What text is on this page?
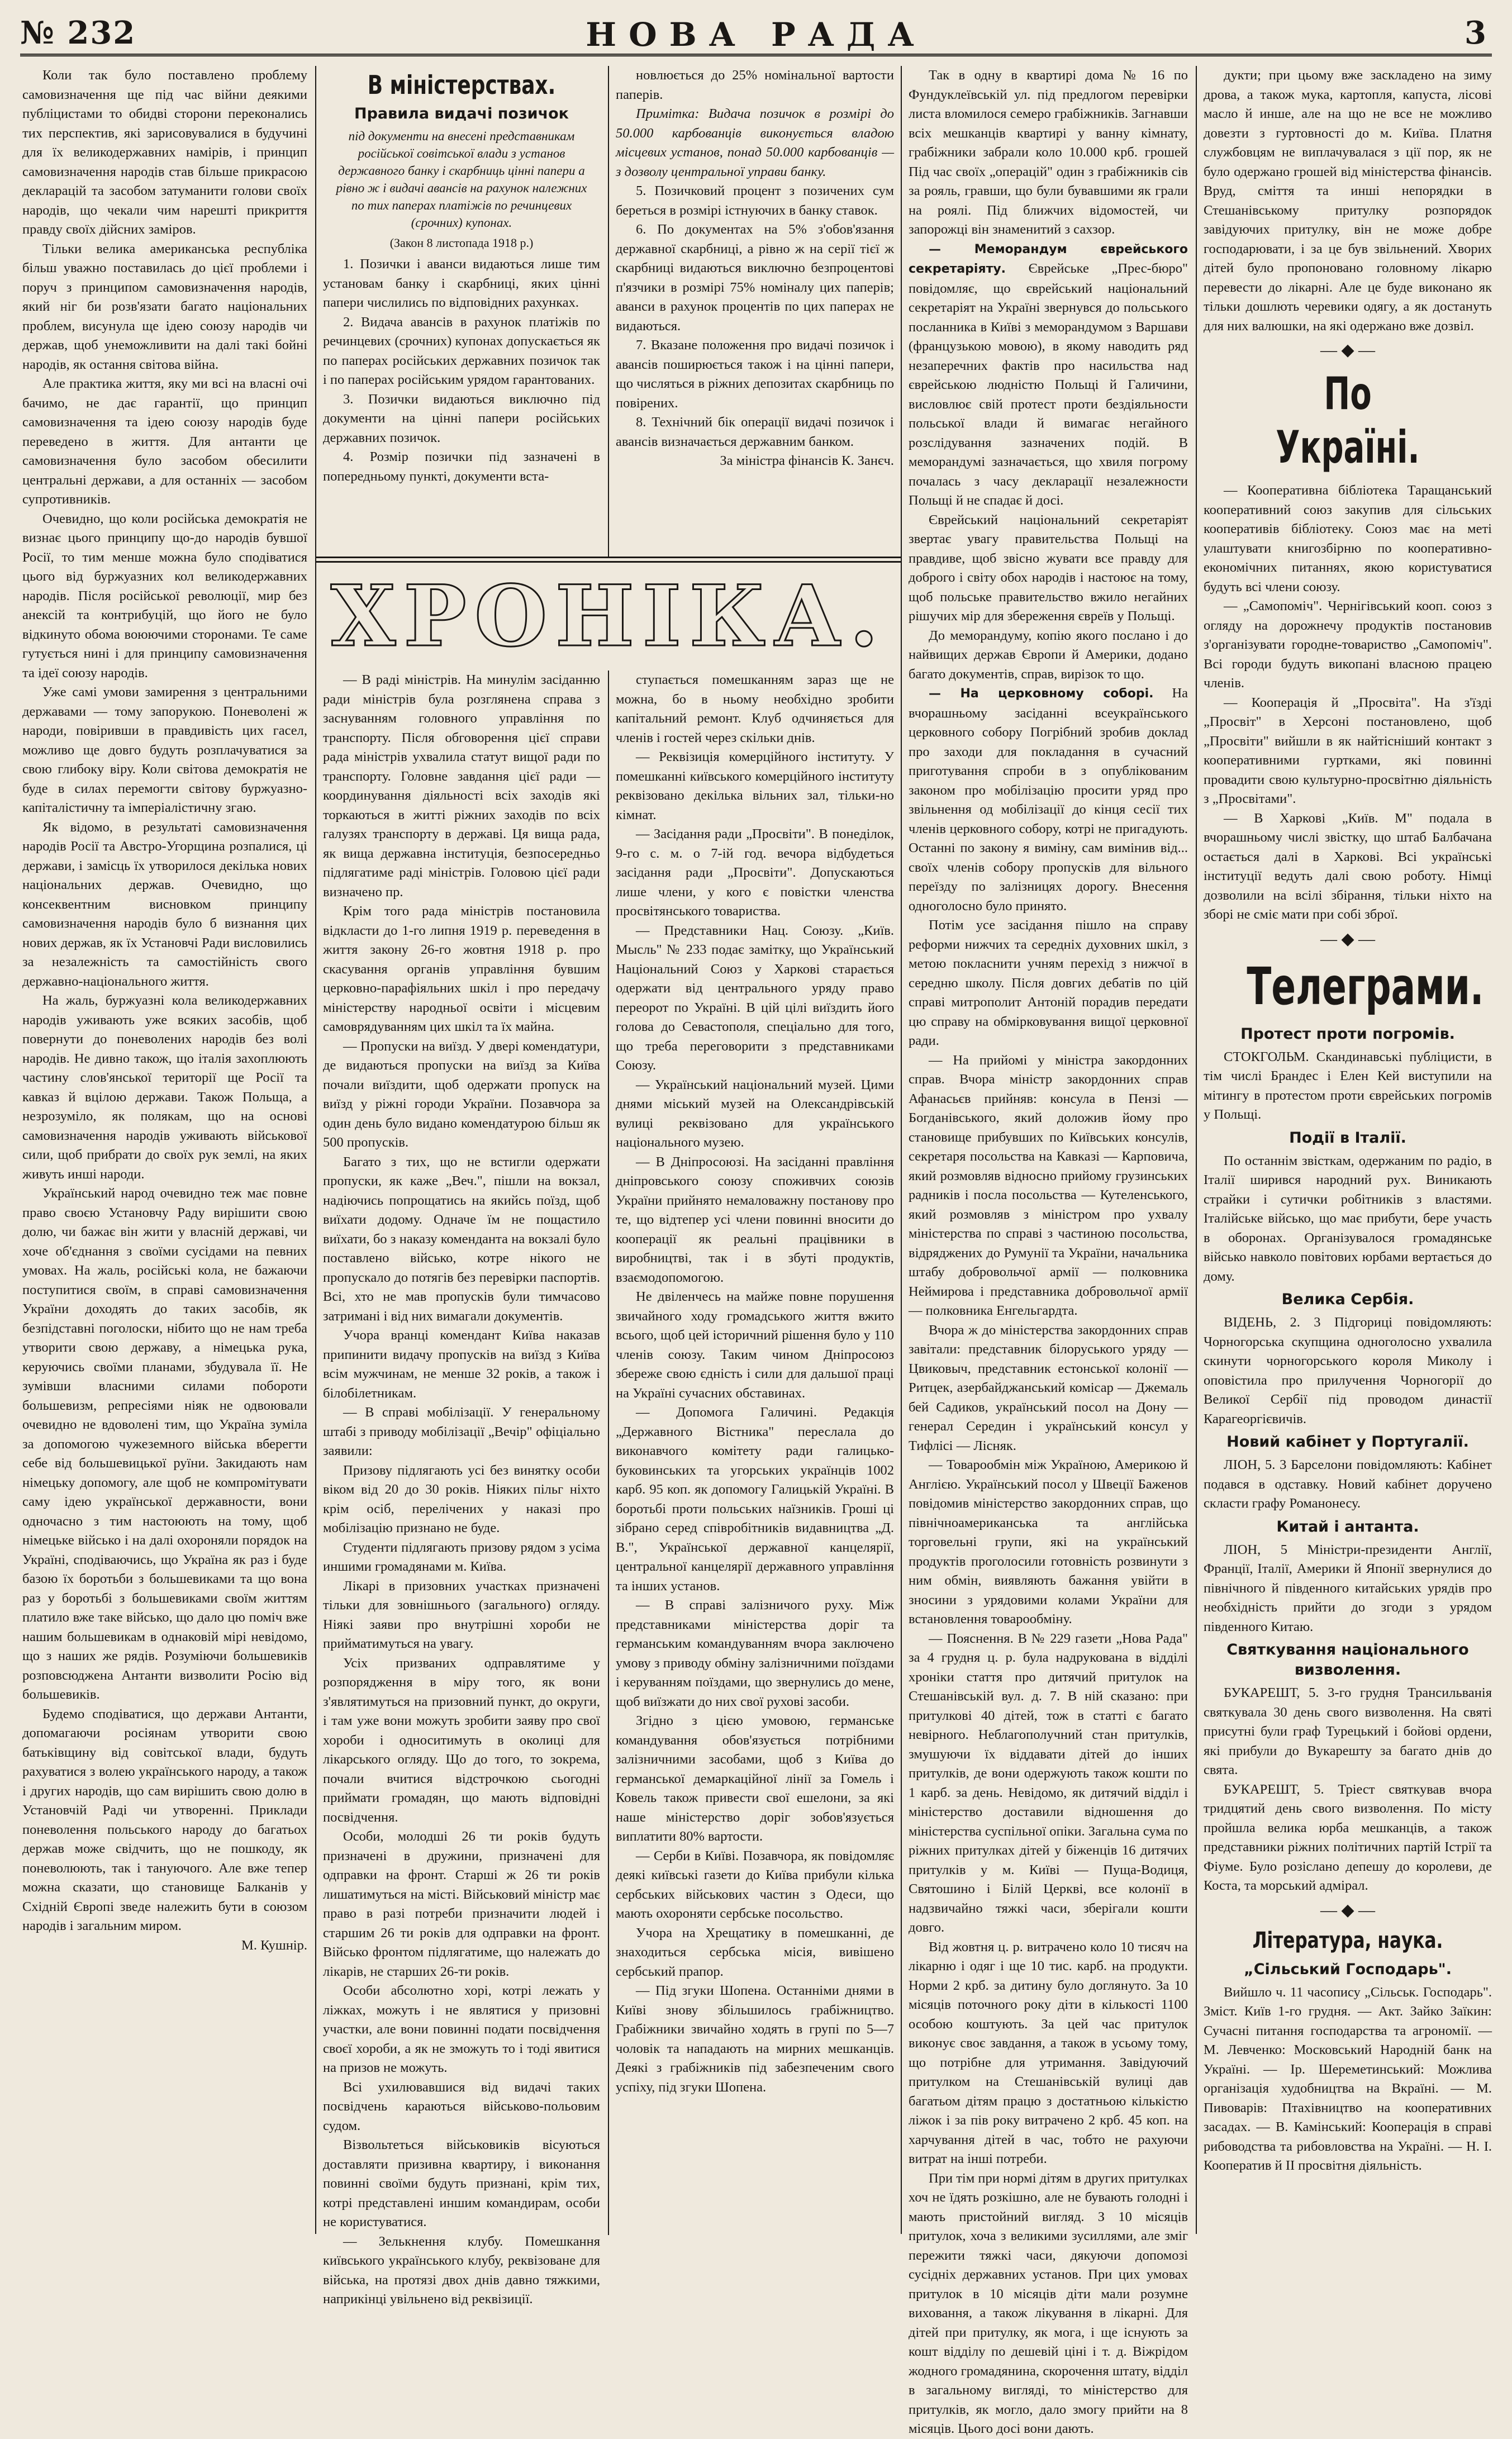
№ 232	НОВА РАДА	3

Коли так було поставлено проблему самовизначення ще під час війни деякими публіцистами то обидві сторони переконались тих перспектив, які зарисовувалися в будучині для їх великодержавних намірів, і принцип самовизначення народів став більше прикрасою декларацій та засобом затуманити голови своїх народів, що чекали чим нарешті прикриття правду своїх дійсних заміров.

Тільки велика американська республіка більш уважно поставилась до цієї проблеми і поруч з принципом самовизначення народів, який ніг би розв'язати багато національних проблем, висунула ще ідею союзу народів чи держав, щоб унеможливити на далі такі бойні народів, як остання світова війна.

Але практика життя, яку ми всі на власні очі бачимо, не дає гарантії, що принцип самовизначення та ідею союзу народів буде переведено в життя. Для антанти це самовизначення було засобом обесилити центральні держави, а для останніх — засобом супротивників.

Очевидно, що коли російська демократія не визнає цього принципу що-до народів бувшої Росії, то тим менше можна було сподіватися цього від буржуазних кол великодержавних народів. Після російської революції, мир без анексій та контрибуцій, що його не було відкинуто обома воюючими сторонами. Те саме гутується нині і для принципу самовизначення та ідеї союзу народів.

Уже самі умови замирення з центральними державами — тому запорукою. Поневолені ж народи, повіривши в правдивість цих гасел, можливо ще довго будуть розплачуватися за свою глибоку віру. Коли світова демократія не буде в силах перемогти світову буржуазно-капіталістичну та імперіалістичну згаю.

Як відомо, в результаті самовизначення народів Росії та Австро-Угорщина розпалися, ці держави, і замісць їх утворилося декілька нових національних держав. Очевидно, що консеквентним висновком принципу самовизначення народів було б визнання цих нових держав, як їх Установчі Ради висловились за незалежність та самостійність свого державно-національного життя.

На жаль, буржуазні кола великодержавних народів уживають уже всяких засобів, щоб повернути до поневолених народів без волі народів. Не дивно також, що італія захоплюють частину слов'янської території ще Росії та кавказ й вцілою держави. Також Польща, а незрозуміло, як полякам, що на основі самовизначення народів уживають військової сили, щоб прибрати до своїх рук землі, на яких живуть инші народи.

Український народ очевидно теж має повне право своєю Установчу Раду вирішити свою долю, чи бажає він жити у власній державі, чи хоче об'єднання з своїми сусідами на певних умовах. На жаль, російські кола, не бажаючи поступитися своїм, в справі самовизначення України доходять до таких засобів, як безпідставні поголоски, нібито що не нам треба утворити свою державу, а німецька рука, керуючись своїми планами, збудувала її. Не зумівши власними силами побороти большевизм, репресіями ніяк не одвоювали очевидно не вдоволені тим, що Україна зуміла за допомогою чужеземного війська вберегти себе від большевицької руїни. Закидають нам німецьку допомогу, але щоб не компромітувати саму ідею української державности, вони одночасно з тим настоюють на тому, щоб німецьке військо і на далі охороняли порядок на Україні, сподіваючись, що Україна як раз і буде базою їх боротьби з большевиками та що вона раз у боротьбі з большевиками своїм життям платило вже таке військо, що дало цю поміч вже нашим большевикам в однаковій мірі невідомо, що з наших же рядів. Розуміючи большевиків розповсюджена Антанти визволити Росію від большевиків.

Будемо сподіватися, що держави Антанти, допомагаючи росіянам утворити свою батьківщину від совітської влади, будуть рахуватися з волею українського народу, а також і других народів, що сам вирішить свою долю в Установчій Раді чи утворенні. Приклади поневолення польського народу до багатьох держав може свідчить, що не пошкоду, як поневолюють, так і тануючого. Але вже тепер можна сказати, що становище Балканів у Східній Європі зведе належить бути в союзом народів і загальним миром.

М. Кушнір.

В міністерствах.
Правила видачі позичок
під документи на внесені представникам російської совітської влади з установ державного банку і скарбниць цінні папери а рівно ж і видачі авансів на рахунок належних по тих паперах платіжів по речинцевих (срочних) купонах.
(Закон 8 листопада 1918 р.)

1. Позички і аванси видаються лише тим установам банку і скарбниці, яких цінні папери числились по відповідних рахунках.

2. Видача авансів в рахунок платіжів по речинцевих (срочних) купонах допускається як по паперах російських державних позичок так і по паперах російським урядом гарантованих.

3. Позички видаються виключно під документи на цінні папери російських державних позичок.

4. Розмір позички під зазначені в попередньому пункті, документи вста-

новлюється до 25% номінальної вартости паперів.

Примітка: Видача позичок в розмірі до 50.000 карбованців виконується владою місцевих установ, понад 50.000 карбованців — з дозволу центральної управи банку.

5. Позичковий процент з позичених сум береться в розмірі істнуючих в банку ставок.

6. По документах на 5% з'обов'язання державної скарбниці, а рівно ж на серії тієї ж скарбниці видаються виключно безпроцентові п'язчики в розмірі 75% номіналу цих паперів; аванси в рахунок процентів по цих паперах не видаються.

7. Вказане положення про видачі позичок і авансів поширюється також і на цінні папери, що числяться в ріжних депозитах скарбниць по повірених.

8. Технічний бік операції видачі позичок і авансів визначається державним банком.

За міністра фінансів К. Занєч.

ХРОНІКА.

— В раді міністрів. На минулім засіданню ради міністрів була розглянена справа з заснуванням головного управління по транспорту. Після обговорення цієї справи рада міністрів ухвалила статут вищої ради по транспорту. Головне завдання цієї ради — координування діяльності всіх заходів які торкаються в житті ріжних заходів по всіх галузях транспорту в державі. Ця вища рада, як вища державна інституція, безпосередньо підлягатиме раді міністрів. Головою цієї ради визначено пр.

Крім того рада міністрів постановила відкласти до 1-го липня 1919 р. переведення в життя закону 26-го жовтня 1918 р. про скасування органів управління бувшим церковно-парафіяльних шкіл і про передачу міністерству народньої освіти і місцевим самоврядуванням цих шкіл та їх майна.

— Пропуски на виїзд. У двері комендатури, де видаються пропуски на виїзд за Київа почали виїздити, щоб одержати пропуск на виїзд у ріжні городи України. Позавчора за один день було видано комендатурою більш як 500 пропусків.

Багато з тих, що не встигли одержати пропуски, як каже „Веч.", пішли на вокзал, надіючись попрощатись на якийсь поїзд, щоб виїхати додому. Одначе їм не пощастило виїхати, бо з наказу коменданта на вокзалі було поставлено військо, котре нікого не пропускало до потягів без перевірки паспортів. Всі, хто не мав пропусків були тимчасово затримані і від них вимагали документів.

Учора вранці комендант Київа наказав припинити видачу пропусків на виїзд з Київа всім мужчинам, не менше 32 років, а також і білобілетникам.

— В справі мобілізації. У генеральному штабі з приводу мобілізації „Вечір" офіціально заявили:

Призову підлягають усі без винятку особи віком від 20 до 30 років. Ніяких пільг ніхто крім осіб, перелічених у наказі про мобілізацію признано не буде.

Студенти підлягають призову рядом з усіма иншими громадянами м. Київа.

Лікарі в призовних участках призначені тільки для зовнішнього (загального) огляду. Ніякі заяви про внутрішні хороби не прийматимуться на увагу.

Усіх призваних одправлятиме у розпорядження в міру того, як вони з'являтимуться на призовний пункт, до округи, і там уже вони можуть зробити заяву про свої хороби і односитимуть в околиці для лікарського огляду. Що до того, то зокрема, почали вчитися відстрочкою сьогодні приймати громадян, що мають відповідні посвідчення.

Особи, молодші 26 ти років будуть призначені в дружини, призначені для одправки на фронт. Старші ж 26 ти років лишатимуться на місті. Військовий міністр має право в разі потреби призначити людей і старшим 26 ти років для одправки на фронт. Військо фронтом підлягатиме, що належать до лікарів, не старших 26-ти років.

Особи абсолютно хорі, котрі лежать у ліжках, можуть і не являтися у призовні участки, але вони повинні подати посвідчення своєї хороби, а як не зможуть то і тоді явитися на призов не можуть.

Всі ухилювавшися від видачі таких посвідчень караються військово-польовим судом.

Візвольтеться військовиків вісуються доставляти призивна квартиру, і виконання повинні своїми будуть признані, крім тих, котрі представлені иншим командирам, особи не користуватися.

— Зелькнення клубу. Помешкання київського українського клубу, реквізоване для війська, на протязі двох днів давно тяжкими, наприкінці увільнено від реквізиції.

ступається помешканням зараз ще не можна, бо в ньому необхідно зробити капітальний ремонт. Клуб одчиняється для членів і гостей через скільки днів.

— Реквізиція комерційного інституту. У помешканні київського комерційного інституту реквізовано декілька вільних зал, тільки-но кімнат.

— Засідання ради „Просвіти". В понеділок, 9-го с. м. о 7-ій год. вечора відбудеться засідання ради „Просвіти". Допускаються лише члени, у кого є повістки членства просвітянського товариства.

— Представники Нац. Союзу. „Київ. Мысль" № 233 подає замітку, що Український Національний Союз у Харкові старається одержати від центрального уряду право переорот по Україні. В цій цілі виїздить його голова до Севастополя, спеціально для того, що треба переговорити з представниками Союзу.

— Український національний музей. Цими днями міський музей на Олександрівській вулиці реквізовано для українського національного музею.

— В Дніпросоюзі. На засіданні правління дніпровського союзу споживчих союзів України прийнято немаловажну постанову про те, що відтепер усі члени повинні вносити до кооперації як реальні працівники в виробництві, так і в збуті продуктів, взаємодопомогою.

Не двіленчесь на майже повне порушення звичайного ходу громадського життя вжито всього, щоб цей історичний рішення було у 110 членів союзу. Таким чином Дніпросоюз збереже свою єдність і сили для дальшої праці на Україні сучасних обставинах.

— Допомога Галичині. Редакція „Державного Вістника" переслала до виконавчого комітету ради галицько-буковинських та угорських українців 1002 карб. 95 коп. як допомогу Галицькій Україні. В боротьбі проти польських наїзників. Гроші ці зібрано серед співробітників видавництва „Д. В.", Української державної канцелярії, центральної канцелярії державного управління та інших установ.

— В справі залізничого руху. Між представниками міністерства доріг та германським командуванням вчора заключено умову з приводу обміну залізничними поїздами і керуванням поїздами, що звернулись до мене, щоб виїзжати до них свої рухові засоби.

Згідно з цією умовою, германське командування обов'язується потрібними залізничними засобами, щоб з Київа до германської демаркаційної лінії за Гомель і Ковель також привести свої ешелони, за які наше міністерство доріг зобов'язується виплатити 80% вартости.

— Серби в Київі. Позавчора, як повідомляє деякі київські газети до Київа прибули кілька сербських військових частин з Одеси, що мають охороняти сербське посольство.

Учора на Хрещатику в помешканні, де знаходиться сербська місія, вивішено сербський прапор.

— Під згуки Шопена. Останніми днями в Київі знову збільшилось грабіжництво. Грабіжники звичайно ходять в групі по 5—7 чоловік та нападають на мирних мешканців. Деякі з грабіжників під забезпеченим свого успіху, під згуки Шопена.

Так в одну в квартирі дома № 16 по Фундуклеївській ул. під предлогом перевірки листа вломилося семеро грабіжників. Загнавши всіх мешканців квартирі у ванну кімнату, грабіжники забрали коло 10.000 крб. грошей Під час своїх „операцій" один з грабіжників сів за рояль, гравши, що були бувавшими як грали на роялі. Під ближчих відомостей, чи запорожці він знаменитий з сахзор.

— Меморандум єврейського секретаріяту. Єврейське „Прес-бюро" повідомляє, що єврейський національний секретаріят на Україні звернувся до польського посланника в Київі з меморандумом з Варшави (французькою мовою), в якому наводить ряд незаперечних фактів про насильства над єврейською людністю Польщі й Галичини, висловлює свій протест проти бездіяльности польської влади й вимагає негайного розслідування зазначених подій. В меморандумі зазначається, що хвиля погрому почалась з часу декларації незалежности Польщі й не спадає й досі.

Єврейський національний секретаріят звертає увагу правительства Польщі на правдиве, щоб звісно жувати все правду для доброго і світу обох народів і настоює на тому, щоб польське правительство вжило негайних рішучих мір для збереження євреїв у Польщі.

До меморандуму, копію якого послано і до найвищих держав Європи й Америки, додано багато документів, справ, вирізок то що.

— На церковному соборі. На вчорашньому засіданні всеукраїнського церковного собору Погрібний зробив доклад про заходи для покладання в сучасний приготування спроби в з опублікованим законом про мобілізацію просити уряд про звільнення од мобілізації до кінця сесії тих членів церковного собору, котрі не пригадують. Останні по закону я виміну, сам вимінив від... своїх членів собору пропусків для вільного переїзду по залізницях дорогу. Внесення одноголосно було принято.

Потім усе засідання пішло на справу реформи нижчих та середніх духовних шкіл, з метою покласнити учням перехід з нижчої в середню школу. Після довгих дебатів по цій справі митрополит Антоній порадив передати цю справу на обмірковування вищої церковної ради.

— На прийомі у міністра закордонних справ. Вчора міністр закордонних справ Афанасьєв прийняв: консула в Пензі — Богданівського, який доложив йому про становище прибувших по Київських консулів, секретаря посольства на Кавказі — Карповича, який розмовляв відносно прийому грузинських радників і посла посольства — Кутеленського, який розмовляв з міністром про ухвалу міністерства по справі з частиною посольства, відряджених до Румунії та України, начальника штабу добровольчої армії — полковника Неймирова і представника добровольчої армії — полковника Енгельгардта.

Вчора ж до міністерства закордонних справ завітали: представник білоруського уряду — Цвиковыч, представник естонської колонії — Ритцек, азербайджанський комісар — Джемаль бей Садиков, український посол на Дону — генерал Середин і український консул у Тифлісі — Лісняк.

— Товарообмін між Україною, Америкою й Англією. Український посол у Швеції Баженов повідомив міністерство закордонних справ, що північноамериканська та англійська торговельні групи, які на український продуктів проголосили готовність розвинути з ним обмін, виявляють бажання увійти в зносини з урядовими колами України для встановлення товарообміну.

— Пояснення. В № 229 газети „Нова Рада" за 4 грудня ц. р. була надрукована в відділі хроніки стаття про дитячий притулок на Стешанівській вул. д. 7. В ній сказано: при притулкові 40 дітей, тож в статті є багато невірного. Неблагополучний стан притулків, змушуючи їх віддавати дітей до інших притулків, де вони одержують також кошти по 1 карб. за день. Невідомо, як дитячий відділ і міністерство доставили відношення до міністерства суспільної опіки. Загальна сума по ріжних притулках дітей у біженців 16 дитячих притулків у м. Київі — Пуща-Водиця, Святошино і Білій Церкві, все колонії в надзвичайно тяжкі часи, зберігали кошти довго.

Від жовтня ц. р. витрачено коло 10 тисяч на лікарню і одяг і ще 10 тис. карб. на продукти. Норми 2 крб. за дитину було доглянуто. За 10 місяців поточного року діти в кількості 1100 особою коштують. За цей час притулок виконує своє завдання, а також в усьому тому, що потрібне для утримання. Завідуючий притулком на Стешанівській вулиці дав багатьом дітям працю з достатньою кількістю ліжок і за пів року витрачено 2 крб. 45 коп. на харчування дітей в час, тобто не рахуючи витрат на інші потреби.

При тім при нормі дітям в других притулках хоч не їдять розкішно, але не бувають голодні і мають пристойний вигляд. З 10 місяців притулок, хоча з великими зусиллями, але зміг пережити тяжкі часи, дякуючи допомозі сусідніх державних установ. При цих умовах притулок в 10 місяців діти мали розумне виховання, а також лікування в лікарні. Для дітей при притулку, як мога, і ще існують за кошт відділу по дешевій ціні і т. д. Віжрідом жодного громадянина, скорочення штату, відділ в загальному вигляді, то міністерство для притулків, як могло, дало змогу прийти на 8 місяців. Цього досі вони дають.

дукти; при цьому вже заскладено на зиму дрова, а також мука, картопля, капуста, лісові масло й инше, але на що не все не можливо довезти з гуртовності до м. Київа. Платня службовцям не виплачувалася з ції пор, як не було одержано грошей від міністерства фінансів. Вруд, сміття та инші непорядки в Стешанівському притулку розпорядок завідуючих притулку, він не може добре господарювати, і за це був звільнений. Хворих дітей було пропоновано головному лікарю перевести до лікарні. Але це буде виконано як тільки дошлють черевики одягу, а як достануть для них валюшки, на які одержано вже дозвіл.

— ◆ —
По Україні.

— Кооперативна бібліотека Таращанський кооперативний союз закупив для сільських кооперативів бібліотеку. Союз має на меті улаштувати книгозбірню по кооперативно-економічних питаннях, якою користуватися будуть всі члени союзу.

— „Самопоміч". Чернігівський кооп. союз з огляду на дорожнечу продуктів постановив з'організувати городне-товариство „Самопоміч". Всі городи будуть викопані власною працею членів.

— Кооперація й „Просвіта". На з'їзді „Просвіт" в Херсоні постановлено, щоб „Просвіти" вийшли в як найтісніший контакт з кооперативними гуртками, які повинні провадити свою культурно-просвітню діяльність з „Просвітами".

— В Харкові „Київ. М" подала в вчорашньому числі звістку, що штаб Балбачана остається далі в Харкові. Всі українські інституції ведуть далі свою роботу. Німці дозволили на всілі збірання, тільки ніхто на зборі не сміє мати при собі зброї.

— ◆ —
Телеграми.
Протест проти погромів.

СТОКГОЛЬМ. Скандинавські публіцисти, в тім числі Брандес і Елен Кей виступили на мітингу в протестом проти єврейських погромів у Польщі.

Події в Італії.

По останнім звісткам, одержаним по радіо, в Італії ширився народний рух. Виникають страйки і сутички робітників з властями. Італійське військо, що має прибути, бере участь в оборонах. Організувалося громадянське військо навколо повітових юрбами вертається до дому.

Велика Сербія.

ВІДЕНЬ, 2. 3 Підгориці повідомляють: Чорногорська скупщина одноголосно ухвалила скинути чорногорського короля Миколу і оповістила про прилучення Чорногорії до Великої Сербії під проводом династії Карагеоргієвичів.

Новий кабінет у Португалії.

ЛІОН, 5. 3 Барселони повідомляють: Кабінет подався в одставку. Новий кабінет доручено скласти графу Романонесу.

Китай і антанта.

ЛІОН, 5 Міністри-президенти Англії, Франції, Італії, Америки й Японії звернулися до північного й південного китайських урядів про необхідність прийти до згоди з урядом південного Китаю.

Святкування національного визволення.

БУКАРЕШТ, 5. 3-го грудня Трансильванія святкувала 30 день свого визволення. На святі присутні були граф Турецький і бойові ордени, які прибули до Вукарешту за багато днів до свята.

БУКАРЕШТ, 5. Тріест святкував вчора тридцятий день свого визволення. По місту пройшла велика юрба мешканців, а також представники ріжних політичних партій Істрії та Фіуме. Було розіслано депешу до королеви, де Коста, та морський адмірал.

— ◆ —
Література, наука.
„Сільський Господарь".

Вийшло ч. 11 часопису „Сільськ. Господарь". Зміст. Київ 1-го грудня. — Акт. Зайко Заїкин: Сучасні питання господарства та агрономії. — М. Левченко: Московський Народній банк на Україні. — Ір. Шереметинський: Можлива організація худобництва на Вкраїні. — М. Пивоварів: Птахівництво на кооперативних засадах. — В. Камінський: Кооперація в справі рибоводства та рибовловства на Україні. — Н. І. Кооператив й ІІ просвітня діяльність.
